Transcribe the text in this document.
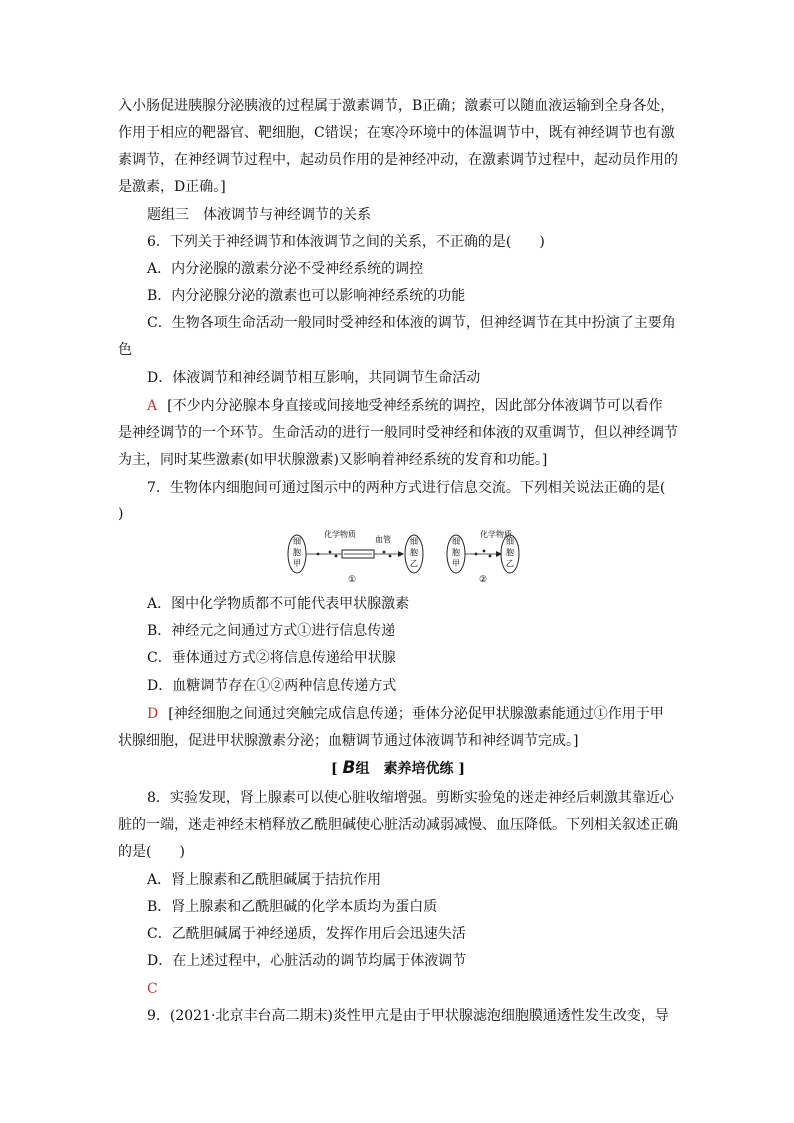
入小肠促进胰腺分泌胰液的过程属于激素调节，B正确；激素可以随血液运输到全身各处，
作用于相应的靶器官、靶细胞，C错误；在寒冷环境中的体温调节中，既有神经调节也有激
素调节，在神经调节过程中，起动员作用的是神经冲动，在激素调节过程中，起动员作用的
是激素，D正确。]
题组三　体液调节与神经调节的关系
6．下列关于神经调节和体液调节之间的关系，不正确的是(　　)
A．内分泌腺的激素分泌不受神经系统的调控
B．内分泌腺分泌的激素也可以影响神经系统的功能
C．生物各项生命活动一般同时受神经和体液的调节，但神经调节在其中扮演了主要角
色
D．体液调节和神经调节相互影响，共同调节生命活动
A [不少内分泌腺本身直接或间接地受神经系统的调控，因此部分体液调节可以看作
是神经调节的一个环节。生命活动的进行一般同时受神经和体液的双重调节，但以神经调节
为主，同时某些激素(如甲状腺激素)又影响着神经系统的发育和功能。]
7．生物体内细胞间可通过图示中的两种方式进行信息交流。下列相关说法正确的是(
)
细
胞
甲
化学物质
血管 细
胞
乙
①
细
胞
甲
化学物质
细
胞
乙
②
A．图中化学物质都不可能代表甲状腺激素
B．神经元之间通过方式①进行信息传递
C．垂体通过方式②将信息传递给甲状腺
D．血糖调节存在①②两种信息传递方式
D [神经细胞之间通过突触完成信息传递；垂体分泌促甲状腺激素能通过①作用于甲
状腺细胞，促进甲状腺激素分泌；血糖调节通过体液调节和神经调节完成。]
[ B组　素养培优练 ]
8．实验发现，肾上腺素可以使心脏收缩增强。剪断实验兔的迷走神经后刺激其靠近心
脏的一端，迷走神经末梢释放乙酰胆碱使心脏活动减弱减慢、血压降低。下列相关叙述正确
的是(　　)
A．肾上腺素和乙酰胆碱属于拮抗作用
B．肾上腺素和乙酰胆碱的化学本质均为蛋白质
C．乙酰胆碱属于神经递质，发挥作用后会迅速失活
D．在上述过程中，心脏活动的调节均属于体液调节
C
9．(2021·北京丰台高二期末)炎性甲亢是由于甲状腺滤泡细胞膜通透性发生改变，导
